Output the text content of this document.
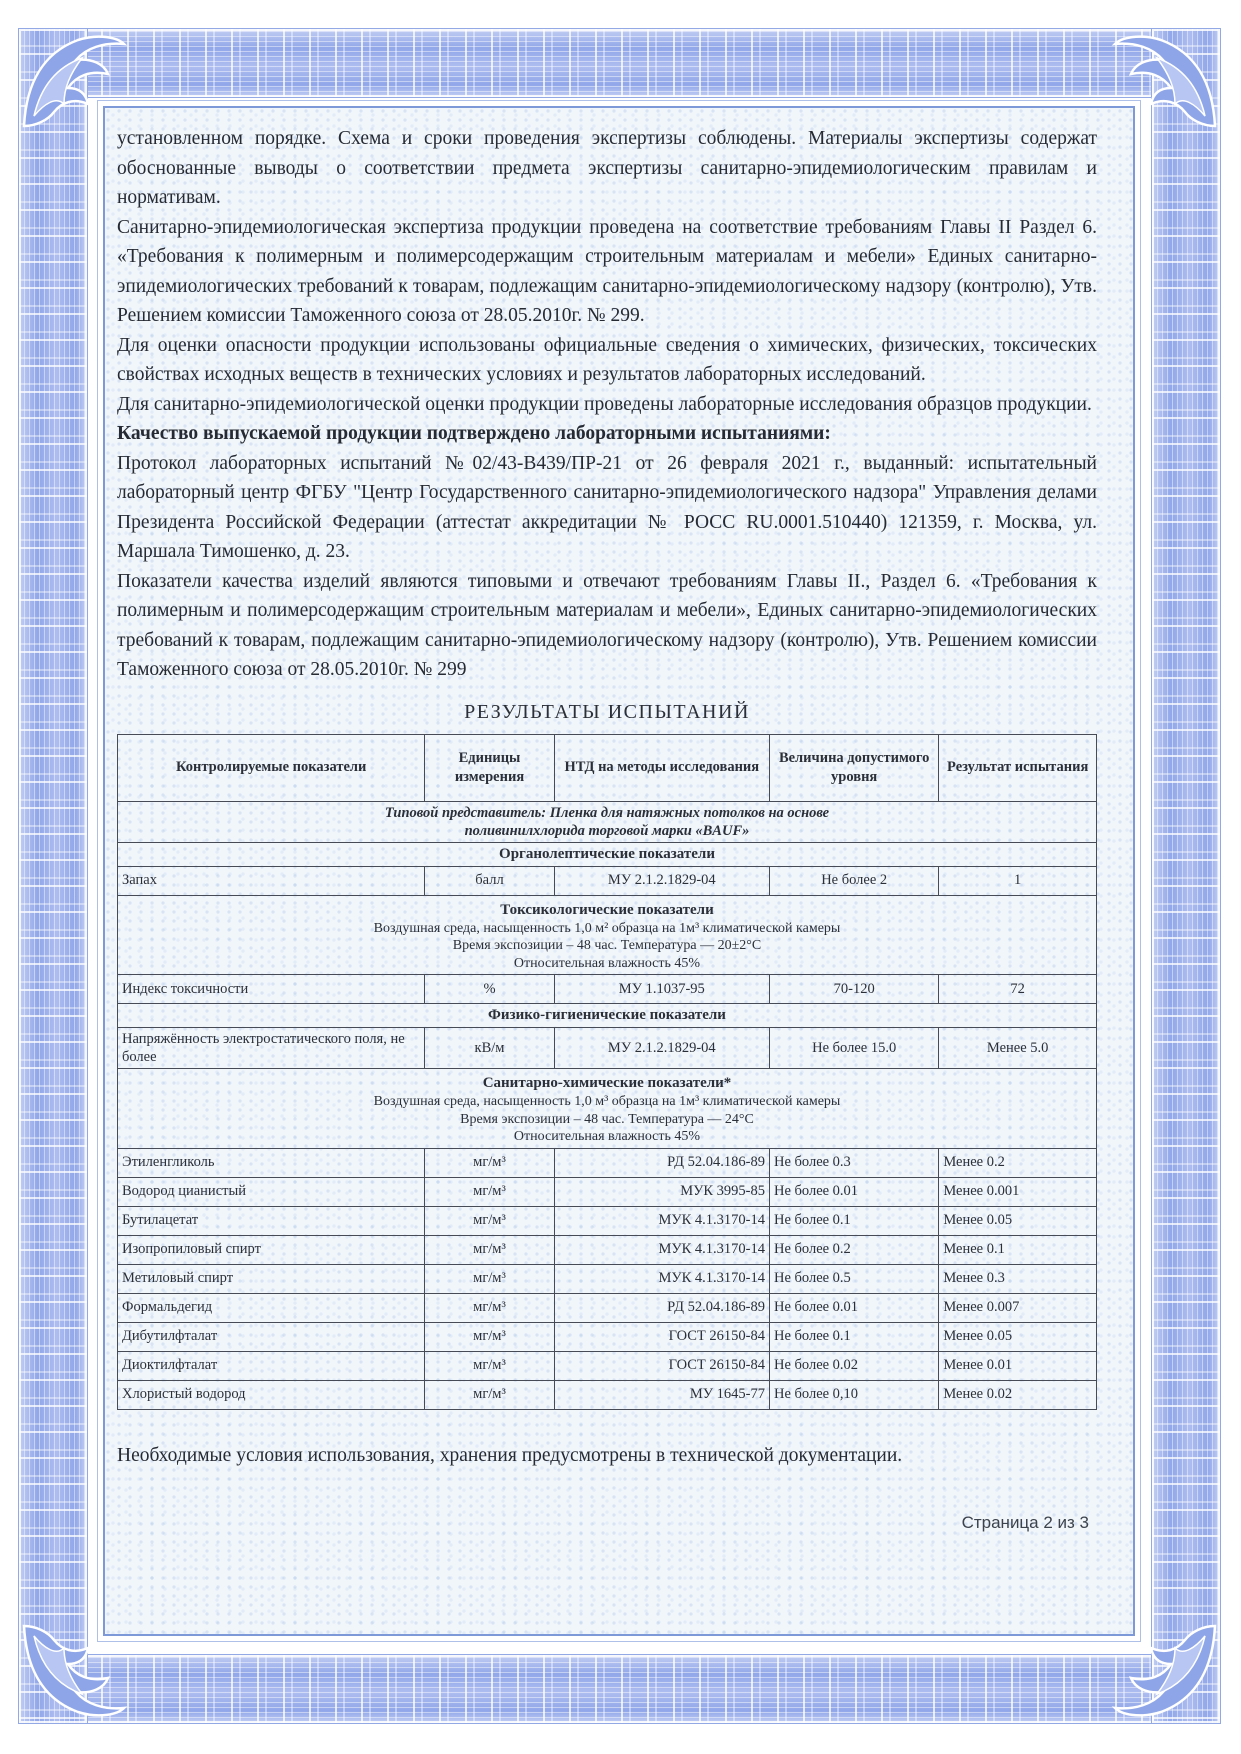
установленном порядке. Схема и сроки проведения экспертизы соблюдены. Материалы экспертизы содержат обоснованные выводы о соответствии предмета экспертизы санитарно-эпидемиологическим правилам и нормативам.

Санитарно-эпидемиологическая экспертиза продукции проведена на соответствие требованиям Главы II Раздел 6. «Требования к полимерным и полимерсодержащим строительным материалам и мебели» Единых санитарно-эпидемиологических требований к товарам, подлежащим санитарно-эпидемиологическому надзору (контролю), Утв. Решением комиссии Таможенного союза от 28.05.2010г. № 299.

Для оценки опасности продукции использованы официальные сведения о химических, физических, токсических свойствах исходных веществ в технических условиях и результатов лабораторных исследований.

Для санитарно-эпидемиологической оценки продукции проведены лабораторные исследования образцов продукции.

Качество выпускаемой продукции подтверждено лабораторными испытаниями:

Протокол лабораторных испытаний №02/43-В439/ПР-21 от 26 февраля 2021 г., выданный: испытательный лабораторный центр ФГБУ "Центр Государственного санитарно-эпидемиологического надзора" Управления делами Президента Российской Федерации (аттестат аккредитации № РОСС RU.0001.510440) 121359, г. Москва, ул. Маршала Тимошенко, д. 23.

Показатели качества изделий являются типовыми и отвечают требованиям Главы II., Раздел 6. «Требования к полимерным и полимерсодержащим строительным материалам и мебели», Единых санитарно-эпидемиологических требований к товарам, подлежащим санитарно-эпидемиологическому надзору (контролю), Утв. Решением комиссии Таможенного союза от 28.05.2010г. № 299

РЕЗУЛЬТАТЫ ИСПЫТАНИЙ
Контролируемые показатели	Единицы измерения	НТД на методы исследования	Величина допустимого уровня	Результат испытания

Типовой представитель: Пленка для натяжных потолков на основе
поливинилхлорида торговой марки «BAUF»				

Органолептические показатели				
Запах	балл	МУ 2.1.2.1829-04	Не более 2	1

Токсикологические показатели
Воздушная среда, насыщенность 1,0 м² образца на 1м³ климатической камеры
Время экспозиции – 48 час. Температура — 20±2°С
Относительная влажность 45%				

Индекс токсичности	%	МУ 1.1037-95	70-120	72
Физико-гигиенические показатели				
Напряжённость электростатического поля, не более	кВ/м	МУ 2.1.2.1829-04	Не более 15.0	Менее 5.0

Санитарно-химические показатели*
Воздушная среда, насыщенность 1,0 м³ образца на 1м³ климатической камеры
Время экспозиции – 48 час. Температура — 24°С
Относительная влажность 45%				

Этиленгликоль	мг/м³	РД 52.04.186-89	Не более 0.3	Менее 0.2
Водород цианистый	мг/м³	МУК 3995-85	Не более 0.01	Менее 0.001
Бутилацетат	мг/м³	МУК 4.1.3170-14	Не более 0.1	Менее 0.05
Изопропиловый спирт	мг/м³	МУК 4.1.3170-14	Не более 0.2	Менее 0.1
Метиловый спирт	мг/м³	МУК 4.1.3170-14	Не более 0.5	Менее 0.3
Формальдегид	мг/м³	РД 52.04.186-89	Не более 0.01	Менее 0.007
Дибутилфталат	мг/м³	ГОСТ 26150-84	Не более 0.1	Менее 0.05
Диоктилфталат	мг/м³	ГОСТ 26150-84	Не более 0.02	Менее 0.01
Хлористый водород	мг/м³	МУ 1645-77	Не более 0,10	Менее 0.02

Необходимые условия использования, хранения предусмотрены в технической документации.

Страница 2 из 3
